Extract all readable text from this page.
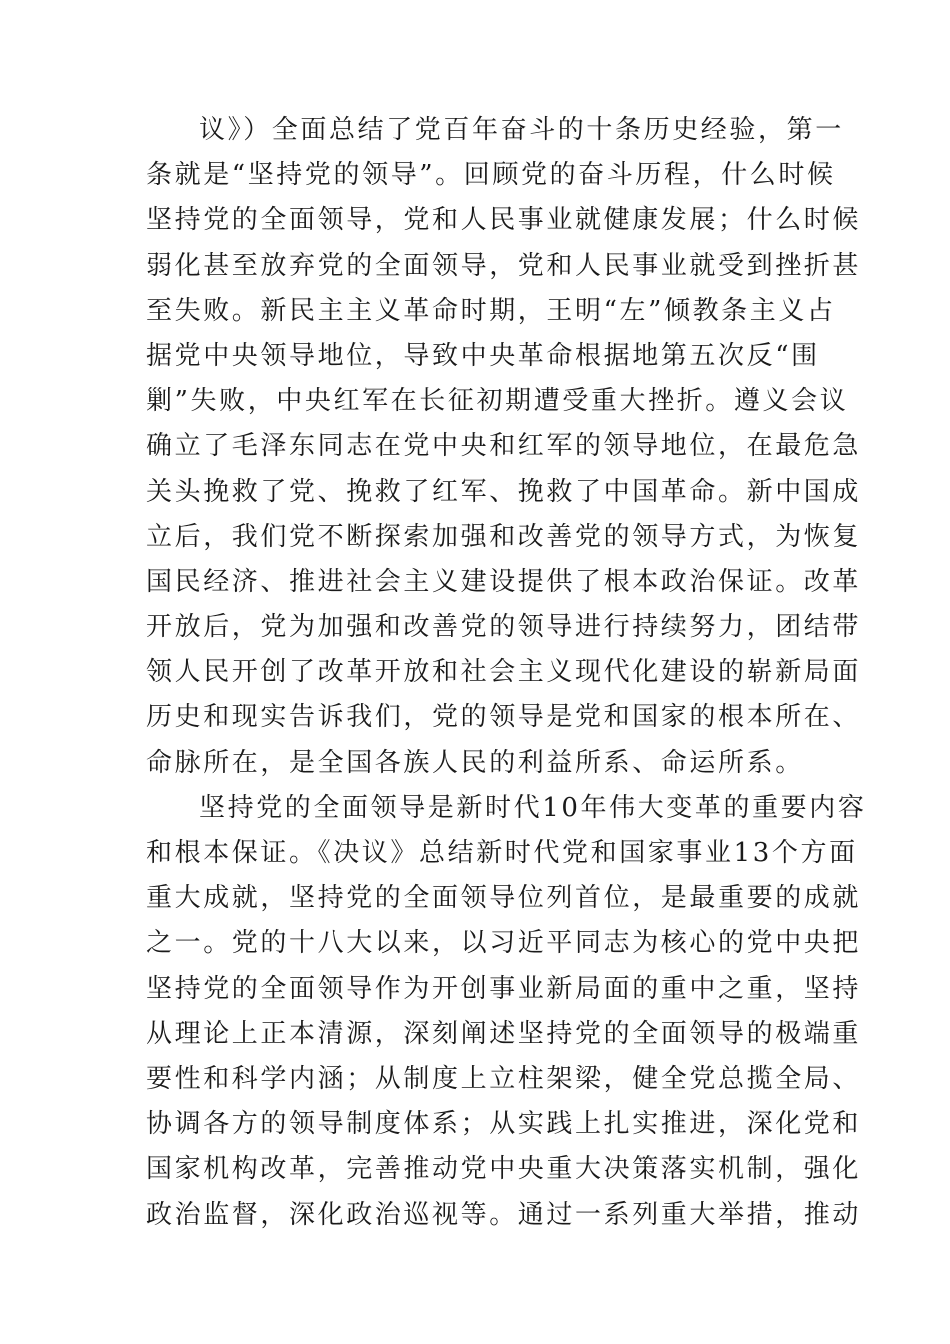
议》）全面总结了党百年奋斗的十条历史经验，第一
条就是“坚持党的领导”。回顾党的奋斗历程，什么时候
坚持党的全面领导，党和人民事业就健康发展；什么时候
弱化甚至放弃党的全面领导，党和人民事业就受到挫折甚
至失败。新民主主义革命时期，王明“左”倾教条主义占
据党中央领导地位，导致中央革命根据地第五次反“围
剿”失败，中央红军在长征初期遭受重大挫折。遵义会议
确立了毛泽东同志在党中央和红军的领导地位，在最危急
关头挽救了党、挽救了红军、挽救了中国革命。新中国成
立后，我们党不断探索加强和改善党的领导方式，为恢复
国民经济、推进社会主义建设提供了根本政治保证。改革
开放后，党为加强和改善党的领导进行持续努力，团结带
领人民开创了改革开放和社会主义现代化建设的崭新局面
历史和现实告诉我们，党的领导是党和国家的根本所在、
命脉所在，是全国各族人民的利益所系、命运所系。
坚持党的全面领导是新时代10年伟大变革的重要内容
和根本保证。《决议》总结新时代党和国家事业13个方面
重大成就，坚持党的全面领导位列首位，是最重要的成就
之一。党的十八大以来，以习近平同志为核心的党中央把
坚持党的全面领导作为开创事业新局面的重中之重，坚持
从理论上正本清源，深刻阐述坚持党的全面领导的极端重
要性和科学内涵；从制度上立柱架梁，健全党总揽全局、
协调各方的领导制度体系；从实践上扎实推进，深化党和
国家机构改革，完善推动党中央重大决策落实机制，强化
政治监督，深化政治巡视等。通过一系列重大举措，推动
